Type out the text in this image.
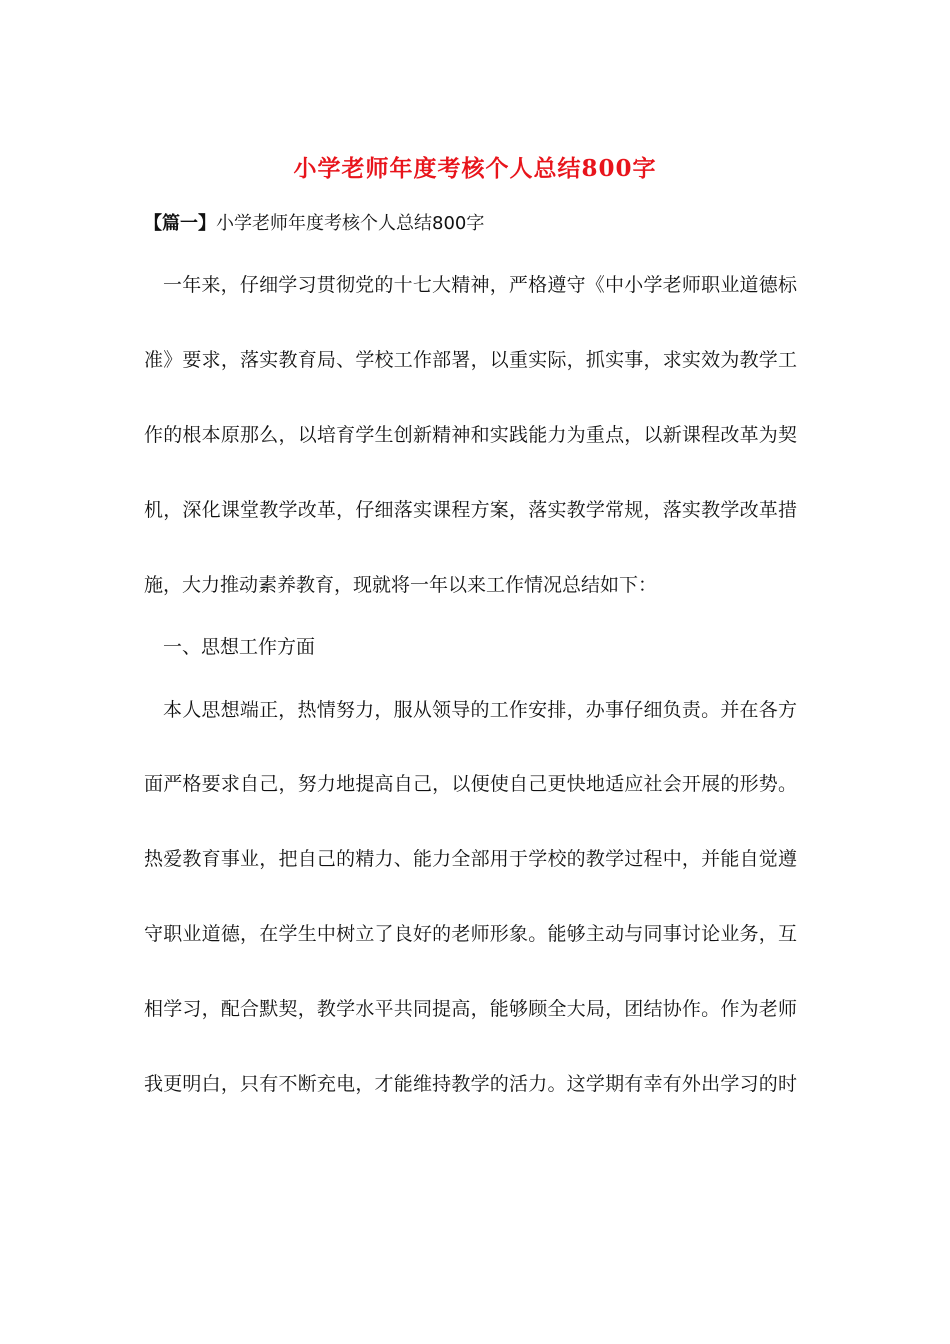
小学老师年度考核个人总结800字
【篇一】小学老师年度考核个人总结800字
一年来，仔细学习贯彻党的十七大精神，严格遵守《中小学老师职业道德标
准》要求，落实教育局、学校工作部署，以重实际，抓实事，求实效为教学工
作的根本原那么，以培育学生创新精神和实践能力为重点，以新课程改革为契
机，深化课堂教学改革，仔细落实课程方案，落实教学常规，落实教学改革措
施，大力推动素养教育，现就将一年以来工作情况总结如下：
一、思想工作方面
本人思想端正，热情努力，服从领导的工作安排，办事仔细负责。并在各方
面严格要求自己，努力地提高自己，以便使自己更快地适应社会开展的形势。
热爱教育事业，把自己的精力、能力全部用于学校的教学过程中，并能自觉遵
守职业道德，在学生中树立了良好的老师形象。能够主动与同事讨论业务，互
相学习，配合默契，教学水平共同提高，能够顾全大局，团结协作。作为老师
我更明白，只有不断充电，才能维持教学的活力。这学期有幸有外出学习的时
